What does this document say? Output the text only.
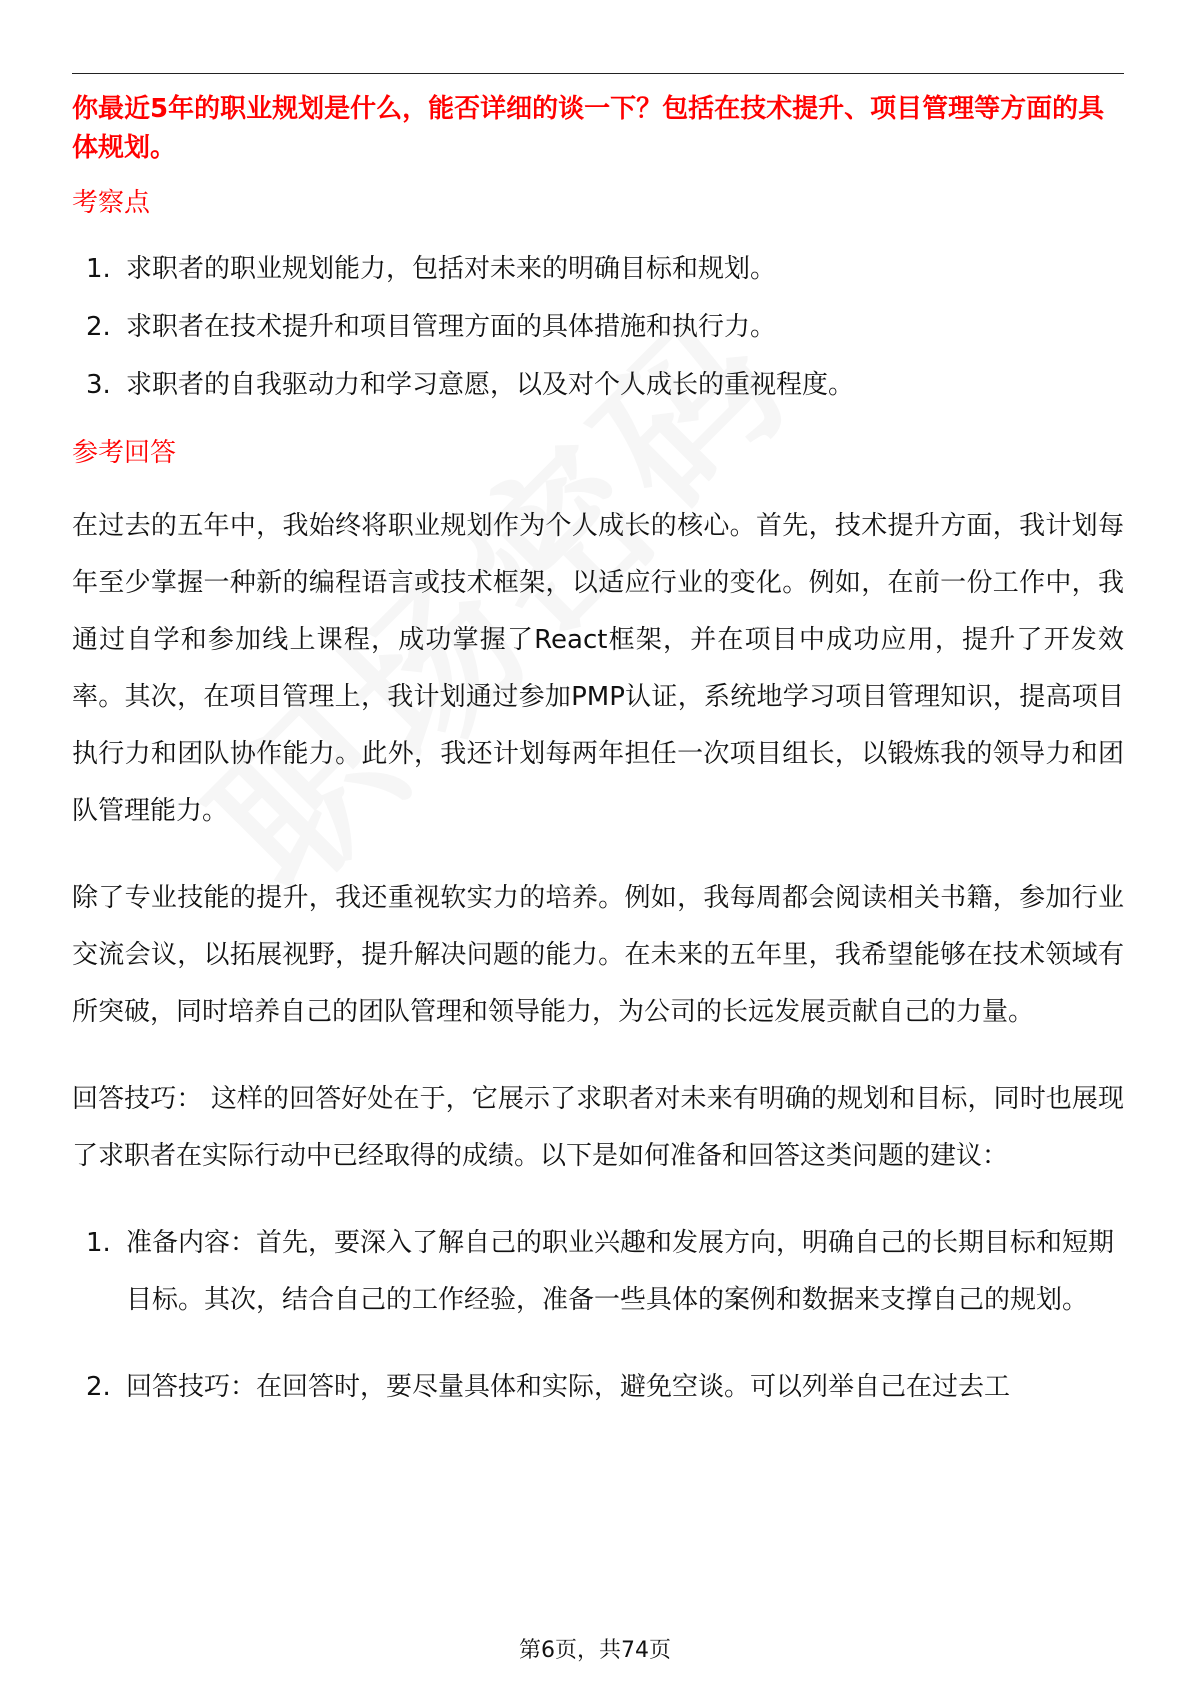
你最近5年的职业规划是什么，能否详细的谈一下？包括在技术提升、项目管理等方面的具体规划。

考察点

1. 求职者的职业规划能力，包括对未来的明确目标和规划。
2. 求职者在技术提升和项目管理方面的具体措施和执行力。
3. 求职者的自我驱动力和学习意愿，以及对个人成长的重视程度。

参考回答

在过去的五年中，我始终将职业规划作为个人成长的核心。首先，技术提升方面，我计划每年至少掌握一种新的编程语言或技术框架，以适应行业的变化。例如，在前一份工作中，我通过自学和参加线上课程，成功掌握了React框架，并在项目中成功应用，提升了开发效率。其次，在项目管理上，我计划通过参加PMP认证，系统地学习项目管理知识，提高项目执行力和团队协作能力。此外，我还计划每两年担任一次项目组长，以锻炼我的领导力和团队管理能力。

除了专业技能的提升，我还重视软实力的培养。例如，我每周都会阅读相关书籍，参加行业交流会议，以拓展视野，提升解决问题的能力。在未来的五年里，我希望能够在技术领域有所突破，同时培养自己的团队管理和领导能力，为公司的长远发展贡献自己的力量。

回答技巧： 这样的回答好处在于，它展示了求职者对未来有明确的规划和目标，同时也展现了求职者在实际行动中已经取得的成绩。以下是如何准备和回答这类问题的建议：

1. 准备内容：首先，要深入了解自己的职业兴趣和发展方向，明确自己的长期目标和短期目标。其次，结合自己的工作经验，准备一些具体的案例和数据来支撑自己的规划。
2. 回答技巧：在回答时，要尽量具体和实际，避免空谈。可以列举自己在过去工
第6页，共74页
